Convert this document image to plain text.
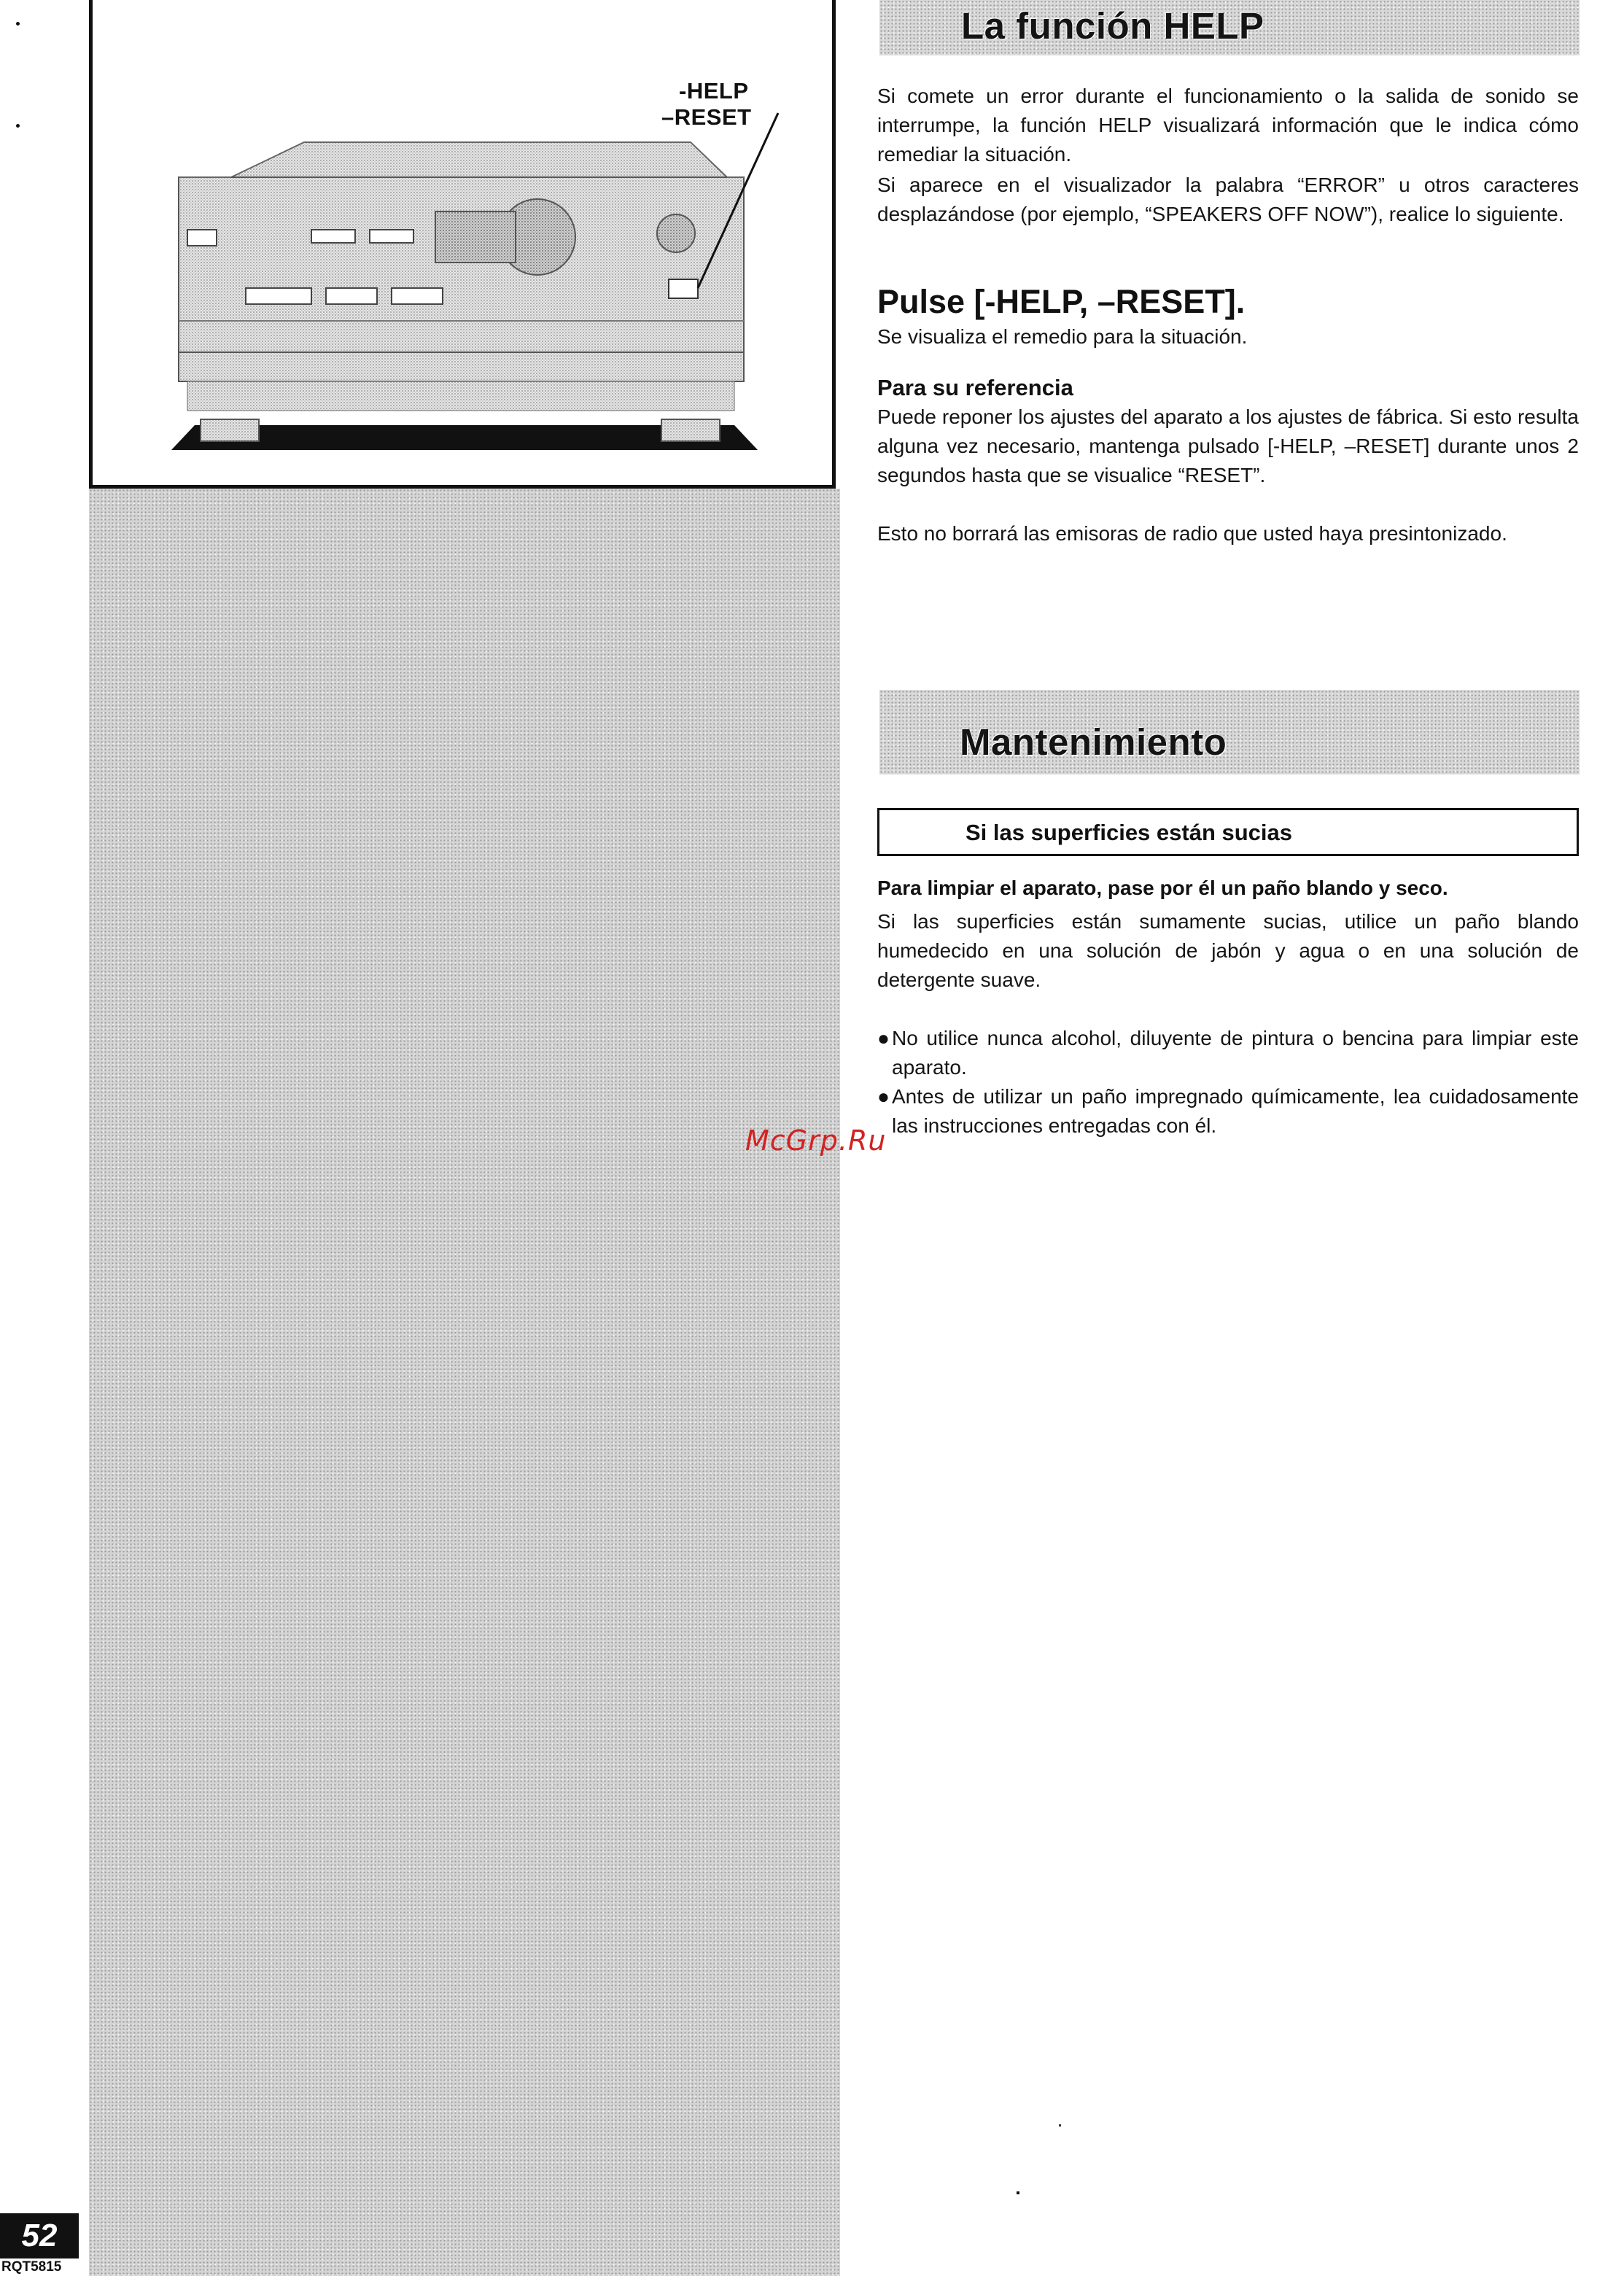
-HELP
–RESET
La función HELP
Si comete un error durante el funcionamiento o la salida de sonido se interrumpe, la función HELP visualizará información que le indica cómo remediar la situación.
Si aparece en el visualizador la palabra “ERROR” u otros caracteres desplazándose (por ejemplo, “SPEAKERS OFF NOW”), realice lo siguiente.
Pulse [-HELP, –RESET].
Se visualiza el remedio para la situación.
Para su referencia
Puede reponer los ajustes del aparato a los ajustes de fábrica. Si esto resulta alguna vez necesario, mantenga pulsado [-HELP, –RESET] durante unos 2 segundos hasta que se visualice “RESET”.
Esto no borrará las emisoras de radio que usted haya presintonizado.
Mantenimiento
Si las superficies están sucias
Para limpiar el aparato, pase por él un paño blando y seco.
Si las superficies están sumamente sucias, utilice un paño blando humedecido en una solución de jabón y agua o en una solución de detergente suave.
● No utilice nunca alcohol, diluyente de pintura o bencina para limpiar este aparato.
● Antes de utilizar un paño impregnado químicamente, lea cuidadosamente las instrucciones entregadas con él.
McGrp.Ru
52
RQT5815
